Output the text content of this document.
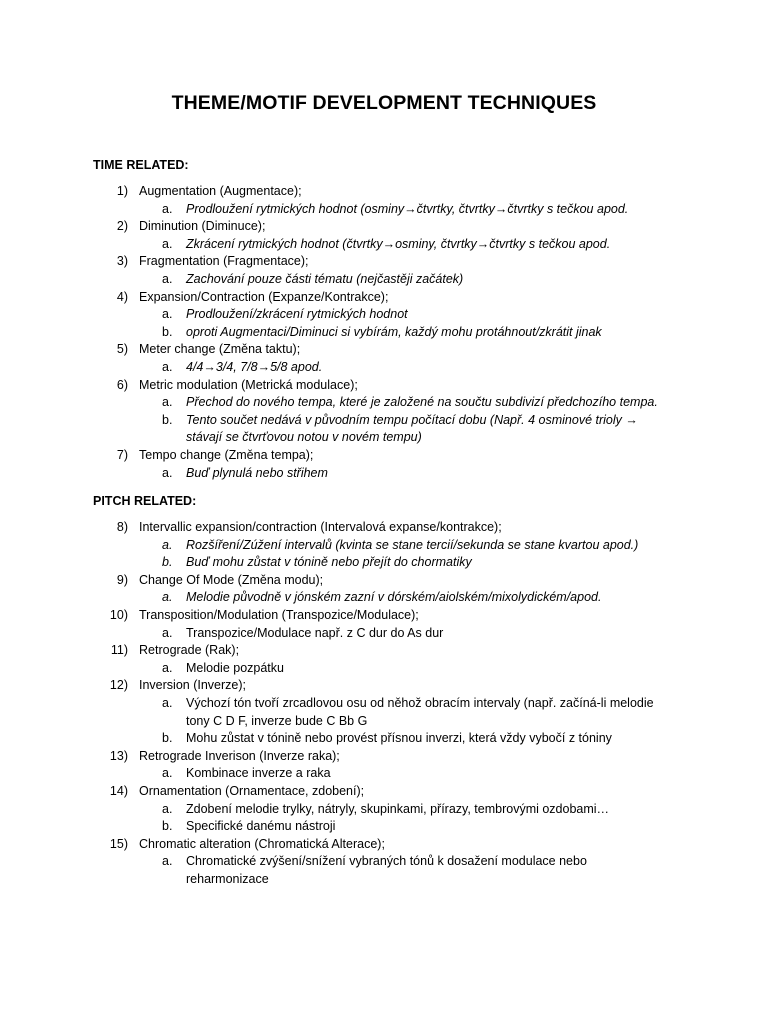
THEME/MOTIF DEVELOPMENT TECHNIQUES
TIME RELATED:
1) Augmentation (Augmentace);
a. Prodloužení rytmických hodnot (osminy→čtvrtky, čtvrtky→čtvrtky s tečkou apod.
2) Diminution (Diminuce);
a. Zkrácení rytmických hodnot (čtvrtky→osminy, čtvrtky→čtvrtky s tečkou apod.
3) Fragmentation (Fragmentace);
a. Zachování pouze části tématu (nejčastěji začátek)
4) Expansion/Contraction (Expanze/Kontrakce);
a. Prodloužení/zkrácení rytmických hodnot
b. oproti Augmentaci/Diminuci si vybírám, každý mohu protáhnout/zkrátit jinak
5) Meter change (Změna taktu);
a. 4/4→3/4, 7/8→5/8 apod.
6) Metric modulation (Metrická modulace);
a. Přechod do nového tempa, které je založené na součtu subdivizí předchozího tempa.
b. Tento součet nedává v původním tempu počítací dobu (Např. 4 osminové trioly →
stávají se čtvrťovou notou v novém tempu)
7) Tempo change (Změna tempa);
a. Buď plynulá nebo střihem
PITCH RELATED:
8) Intervallic expansion/contraction (Intervalová expanse/kontrakce);
a. Rozšíření/Zúžení intervalů (kvinta se stane tercií/sekunda se stane kvartou apod.)
b. Buď mohu zůstat v tónině nebo přejít do chormatiky
9) Change Of Mode (Změna modu);
a. Melodie původně v jónském zazní v dórském/aiolském/mixolydickém/apod.
10) Transposition/Modulation (Transpozice/Modulace);
a. Transpozice/Modulace např. z C dur do As dur
11) Retrograde (Rak);
a. Melodie pozpátku
12) Inversion (Inverze);
a. Výchozí tón tvoří zrcadlovou osu od něhož obracím intervaly (např. začíná-li melodie
tony C D F, inverze bude C Bb G
b. Mohu zůstat v tónině nebo provést přísnou inverzi, která vždy vybočí z tóniny
13) Retrograde Inverison (Inverze raka);
a. Kombinace inverze a raka
14) Ornamentation (Ornamentace, zdobení);
a. Zdobení melodie trylky, nátryly, skupinkami, přírazy, tembrovými ozdobami…
b. Specifické danému nástroji
15) Chromatic alteration (Chromatická Alterace);
a. Chromatické zvýšení/snížení vybraných tónů k dosažení modulace nebo
reharmonizace
